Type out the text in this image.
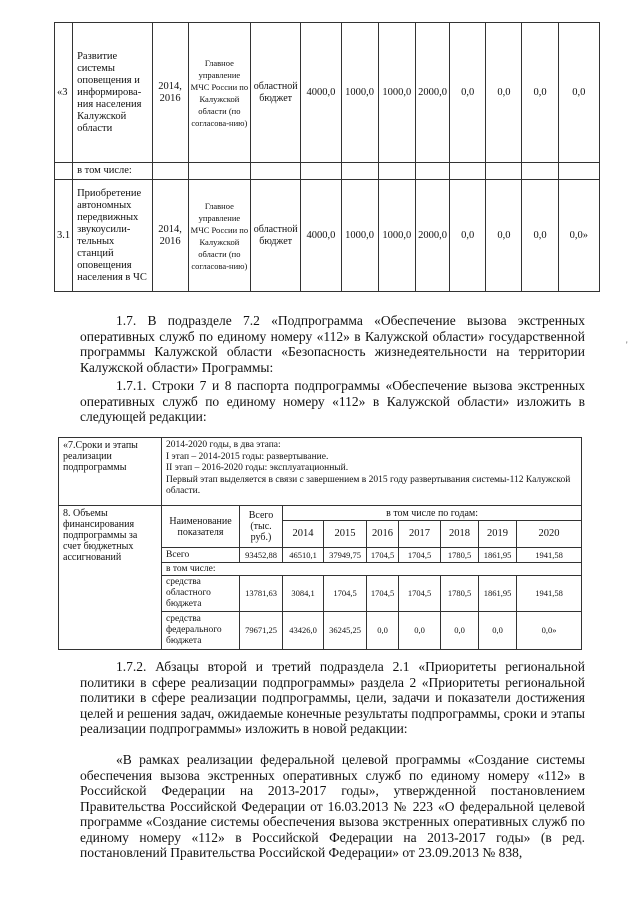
«3	Развитие системы оповещения и информирова-ния населения Калужской области	2014, 2016	Главное управление МЧС России по Калужской области (по согласова-нию)	областной бюджет	4000,0	1000,0	1000,0	2000,0	0,0	0,0	0,0	0,0
	в том числе:											
3.1	Приобретение автономных передвижных звукоусили-тельных станций оповещения населения в ЧС	2014, 2016	Главное управление МЧС России по Калужской области (по согласова-нию)	областной бюджет	4000,0	1000,0	1000,0	2000,0	0,0	0,0	0,0	0,0»
1.7. В подразделе 7.2 «Подпрограмма «Обеспечение вызова экстренных оперативных служб по единому номеру «112» в Калужской области» государственной программы Калужской области «Безопасность жизнедеятельности на территории Калужской области» Программы:
1.7.1. Строки 7 и 8 паспорта подпрограммы «Обеспечение вызова экстренных оперативных служб по единому номеру «112» в Калужской области» изложить в следующей редакции:
'
«7.Сроки и этапы реализации подпрограммы	2014-2020 годы, в два этапа:
I этап – 2014-2015 годы: развертывание.
II этап – 2016-2020 годы: эксплуатационный.
Первый этап выделяется в связи с завершением в 2015 году развертывания системы-112 Калужской области.								

8. Объемы финансирования подпрограммы за счет бюджетных ассигнований	Наименование показателя	Всего (тыс. руб.)	в том числе по годам:						
			2014	2015	2016	2017	2018	2019	2020
	Всего	93452,88	46510,1	37949,75	1704,5	1704,5	1780,5	1861,95	1941,58
	в том числе:								
	средства областного бюджета	13781,63	3084,1	1704,5	1704,5	1704,5	1780,5	1861,95	1941,58
	средства федерального бюджета	79671,25	43426,0	36245,25	0,0	0,0	0,0	0,0	0,0»
1.7.2. Абзацы второй и третий подраздела 2.1 «Приоритеты региональной политики в сфере реализации подпрограммы» раздела 2 «Приоритеты региональной политики в сфере реализации подпрограммы, цели, задачи и показатели достижения целей и решения задач, ожидаемые конечные результаты подпрограммы, сроки и этапы реализации подпрограммы» изложить в новой редакции:
«В рамках реализации федеральной целевой программы «Создание системы обеспечения вызова экстренных оперативных служб по единому номеру «112» в Российской Федерации на 2013-2017 годы», утвержденной постановлением Правительства Российской Федерации от 16.03.2013 № 223 «О федеральной целевой программе «Создание системы обеспечения вызова экстренных оперативных служб по единому номеру «112» в Российской Федерации на 2013-2017 годы» (в ред. постановлений Правительства Российской Федерации» от 23.09.2013 № 838,
